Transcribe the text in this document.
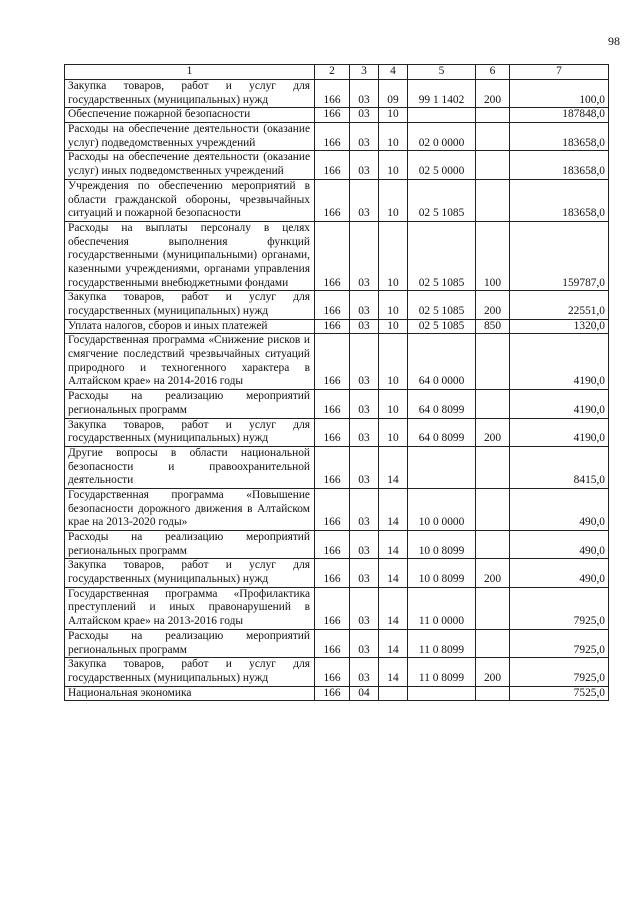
98
1	2	3	4	5	6	7
Закупка товаров, работ и услуг для государственных (муниципальных) нужд	166	03	09	99 1 1402	200	100,0
Обеспечение пожарной безопасности	166	03	10			187848,0
Расходы на обеспечение деятельности (оказание услуг) подведомственных учреждений	166	03	10	02 0 0000		183658,0
Расходы на обеспечение деятельности (оказание услуг) иных подведомственных учреждений	166	03	10	02 5 0000		183658,0
Учреждения по обеспечению мероприятий в области гражданской обороны, чрезвычайных ситуаций и пожарной безопасности	166	03	10	02 5 1085		183658,0
Расходы на выплаты персоналу в целях обеспечения выполнения функций государственными (муниципальными) органами, казенными учреждениями, органами управления государственными внебюджетными фондами	166	03	10	02 5 1085	100	159787,0
Закупка товаров, работ и услуг для государственных (муниципальных) нужд	166	03	10	02 5 1085	200	22551,0
Уплата налогов, сборов и иных платежей	166	03	10	02 5 1085	850	1320,0
Государственная программа «Снижение рисков и смягчение последствий чрезвычайных ситуаций природного и техногенного характера в Алтайском крае» на 2014-2016 годы	166	03	10	64 0 0000		4190,0
Расходы на реализацию мероприятий региональных программ	166	03	10	64 0 8099		4190,0
Закупка товаров, работ и услуг для государственных (муниципальных) нужд	166	03	10	64 0 8099	200	4190,0
Другие вопросы в области национальной безопасности и правоохранительной деятельности	166	03	14			8415,0
Государственная программа «Повышение безопасности дорожного движения в Алтайском крае на 2013-2020 годы»	166	03	14	10 0 0000		490,0
Расходы на реализацию мероприятий региональных программ	166	03	14	10 0 8099		490,0
Закупка товаров, работ и услуг для государственных (муниципальных) нужд	166	03	14	10 0 8099	200	490,0
Государственная программа «Профилактика преступлений и иных правонарушений в Алтайском крае» на 2013-2016 годы	166	03	14	11 0 0000		7925,0
Расходы на реализацию мероприятий региональных программ	166	03	14	11 0 8099		7925,0
Закупка товаров, работ и услуг для государственных (муниципальных) нужд	166	03	14	11 0 8099	200	7925,0
Национальная экономика	166	04				7525,0
